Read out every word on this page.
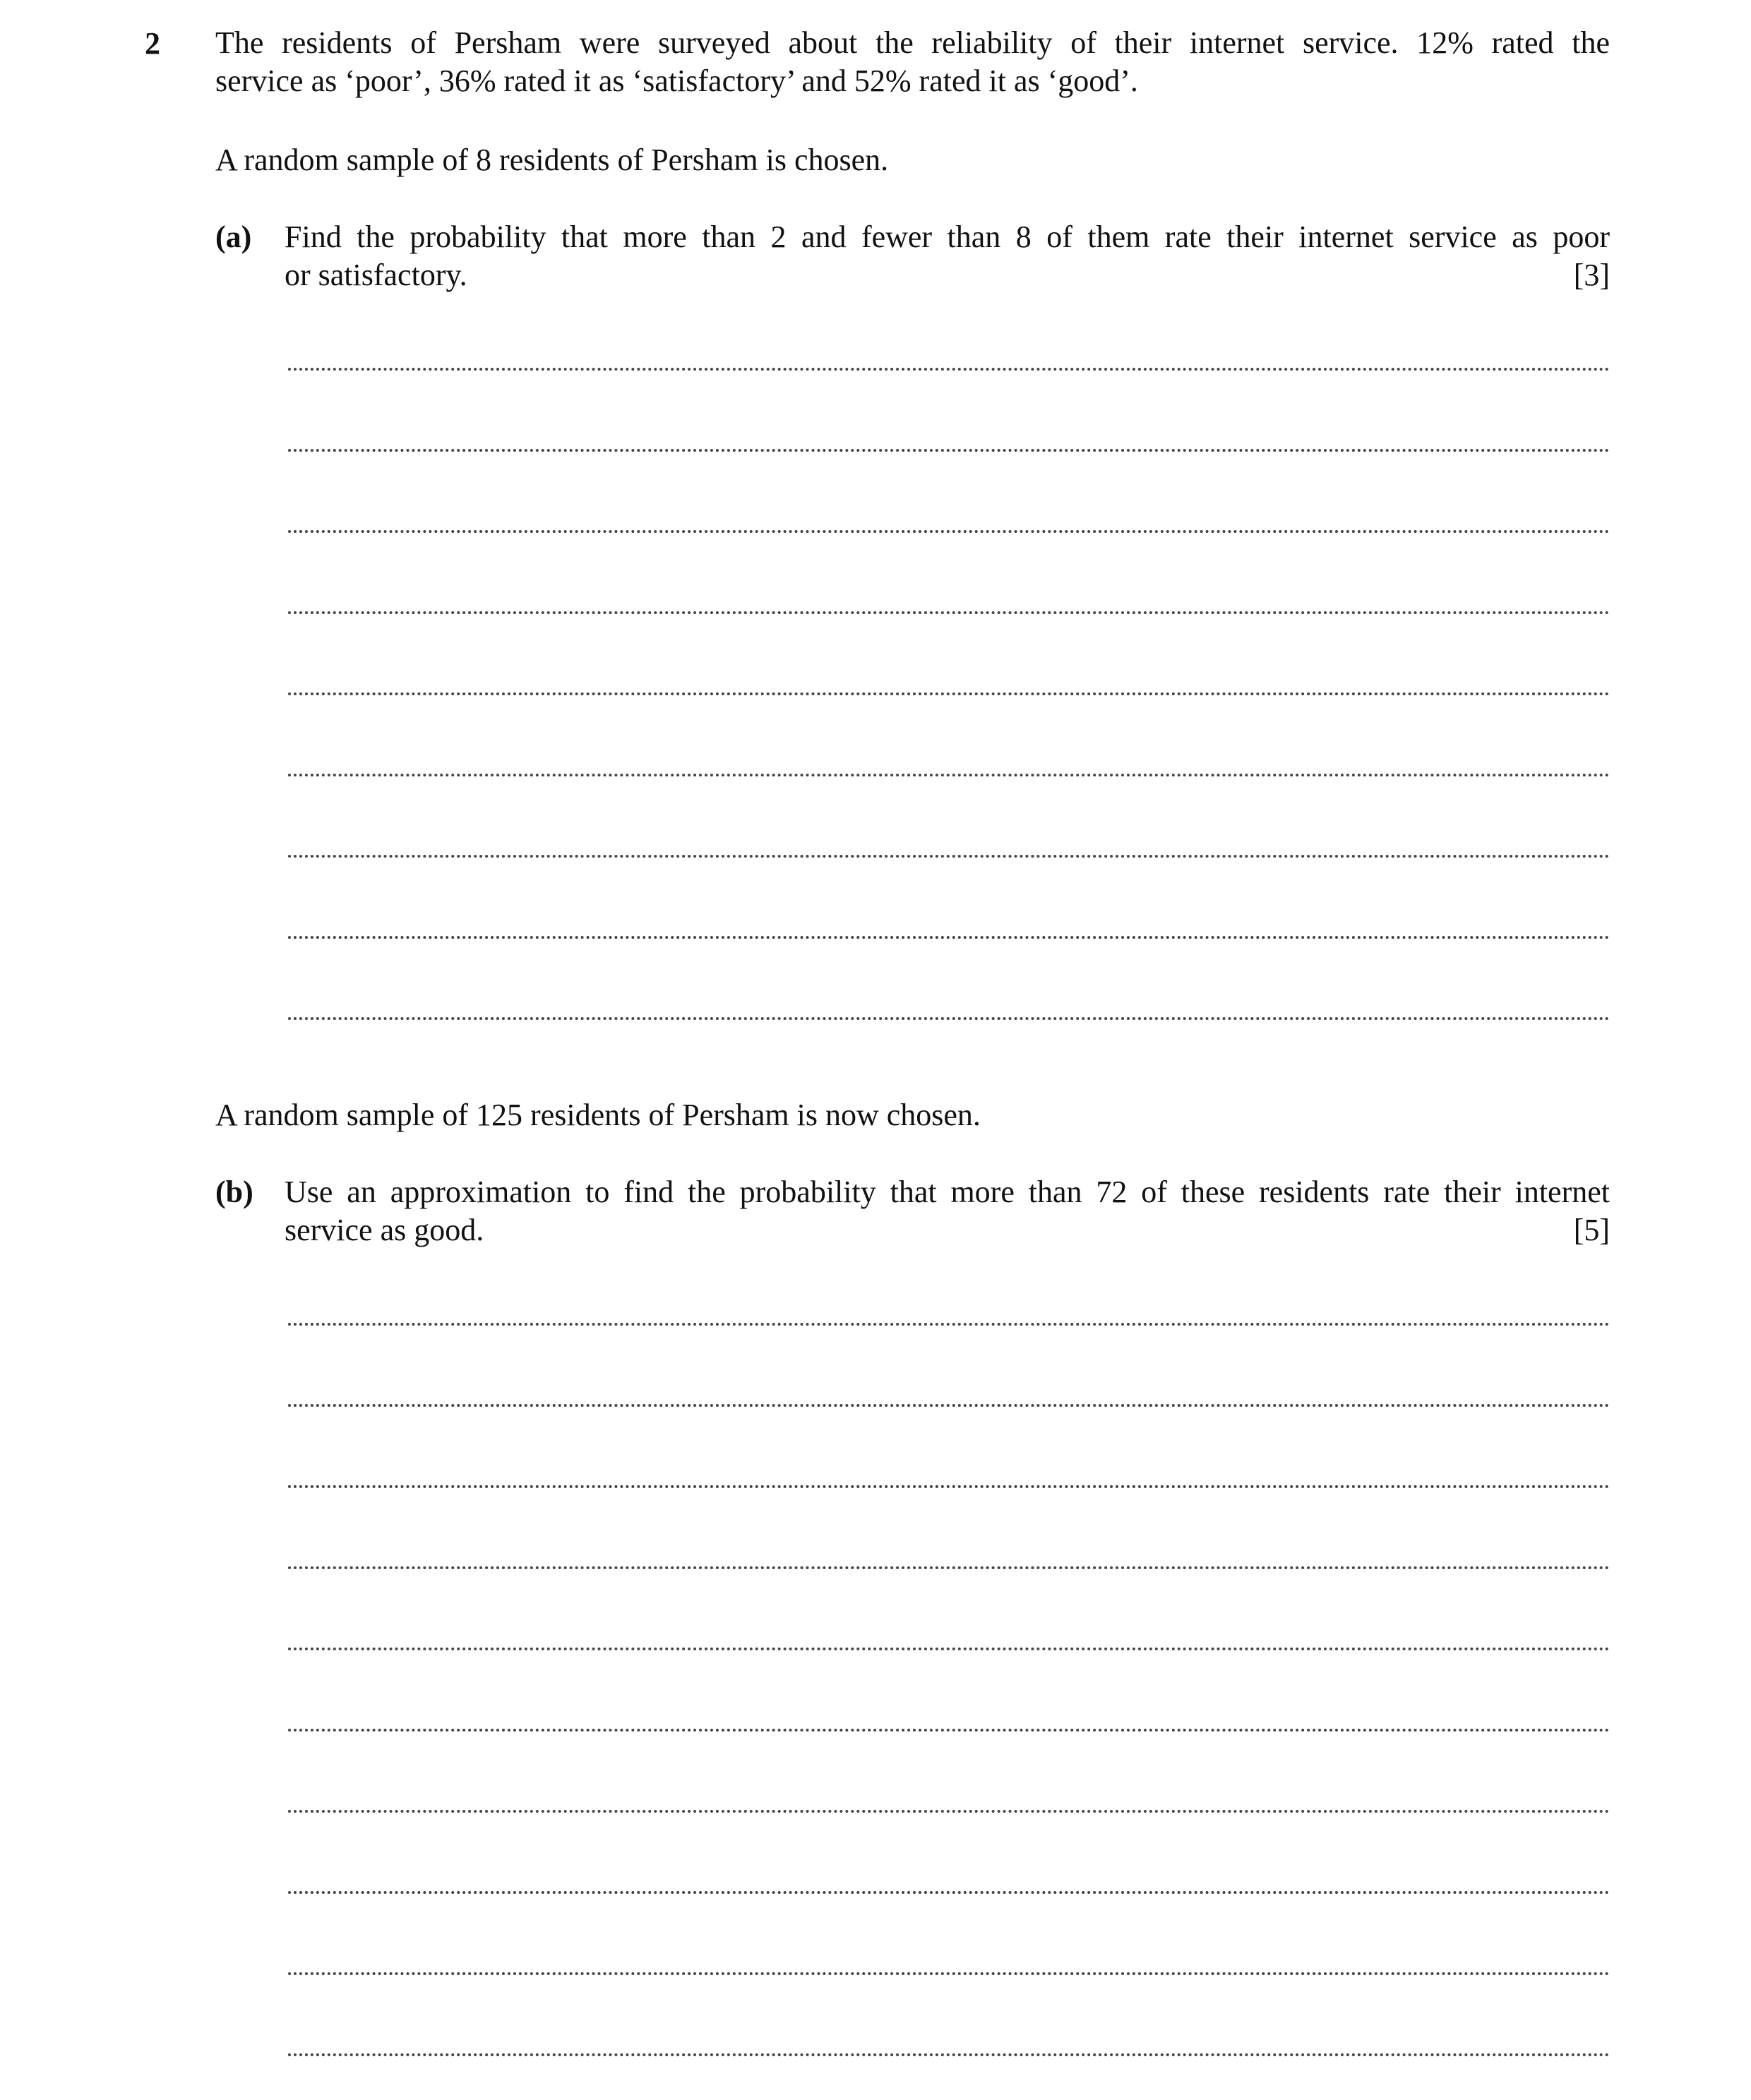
2 The residents of Persham were surveyed about the reliability of their internet service. 12% rated the
service as ‘poor’, 36% rated it as ‘satisfactory’ and 52% rated it as ‘good’.
A random sample of 8 residents of Persham is chosen.
(a) Find the probability that more than 2 and fewer than 8 of them rate their internet service as poor
or satisfactory.	[3]
A random sample of 125 residents of Persham is now chosen.
(b) Use an approximation to find the probability that more than 72 of these residents rate their internet
service as good.	[5]
